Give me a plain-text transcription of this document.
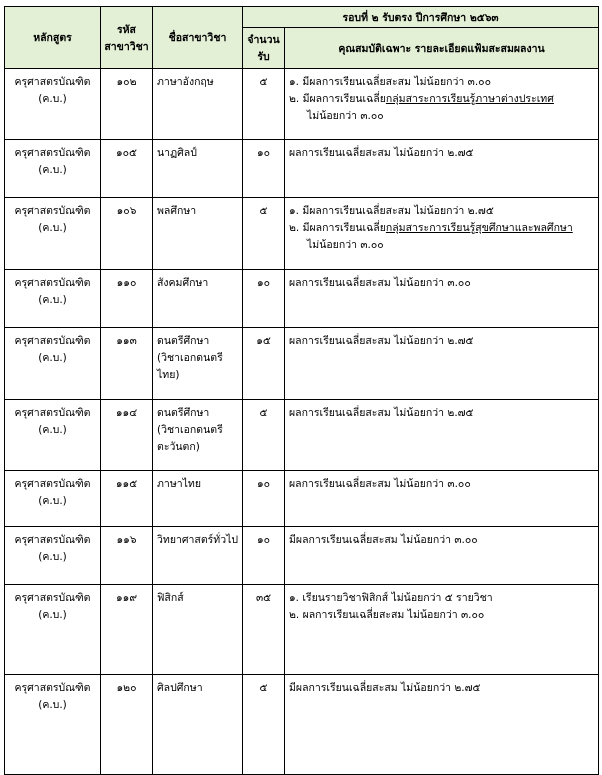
หลักสูตร	รหัส
สาขาวิชา	ชื่อสาขาวิชา	รอบที่ ๒ รับตรง ปีการศึกษา ๒๕๖๓	
			จำนวน
รับ	คุณสมบัติเฉพาะ รายละเอียดแฟ้มสะสมผลงาน
ครุศาสตรบัณฑิต
(ค.บ.)	๑๐๒	ภาษาอังกฤษ	๕	๑. มีผลการเรียนเฉลี่ยสะสม ไม่น้อยกว่า ๓.๐๐
๒. มีผลการเรียนเฉลี่ยกลุ่มสาระการเรียนรู้ภาษาต่างประเทศ
ไม่น้อยกว่า ๓.๐๐

ครุศาสตรบัณฑิต
(ค.บ.)	๑๐๕	นาฏศิลป์	๑๐	ผลการเรียนเฉลี่ยสะสม ไม่น้อยกว่า ๒.๗๕

ครุศาสตรบัณฑิต
(ค.บ.)	๑๐๖	พลศึกษา	๕	๑. มีผลการเรียนเฉลี่ยสะสม ไม่น้อยกว่า ๒.๗๕
๒. มีผลการเรียนเฉลี่ยกลุ่มสาระการเรียนรู้สุขศึกษาและพลศึกษา
ไม่น้อยกว่า ๓.๐๐

ครุศาสตรบัณฑิต
(ค.บ.)	๑๑๐	สังคมศึกษา	๑๐	ผลการเรียนเฉลี่ยสะสม ไม่น้อยกว่า ๓.๐๐

ครุศาสตรบัณฑิต
(ค.บ.)	๑๑๓	ดนตรีศึกษา
(วิชาเอกดนตรี
ไทย)	๑๕	ผลการเรียนเฉลี่ยสะสม ไม่น้อยกว่า ๒.๗๕

ครุศาสตรบัณฑิต
(ค.บ.)	๑๑๔	ดนตรีศึกษา
(วิชาเอกดนตรี
ตะวันตก)	๕	ผลการเรียนเฉลี่ยสะสม ไม่น้อยกว่า ๒.๗๕

ครุศาสตรบัณฑิต
(ค.บ.)	๑๑๕	ภาษาไทย	๑๐	ผลการเรียนเฉลี่ยสะสม ไม่น้อยกว่า ๓.๐๐

ครุศาสตรบัณฑิต
(ค.บ.)	๑๑๖	วิทยาศาสตร์ทั่วไป	๑๐	มีผลการเรียนเฉลี่ยสะสม ไม่น้อยกว่า ๓.๐๐

ครุศาสตรบัณฑิต
(ค.บ.)	๑๑๙	ฟิสิกส์	๓๕	๑. เรียนรายวิชาฟิสิกส์ ไม่น้อยกว่า ๕ รายวิชา
๒. ผลการเรียนเฉลี่ยสะสม ไม่น้อยกว่า ๓.๐๐

ครุศาสตรบัณฑิต
(ค.บ.)	๑๒๐	ศิลปศึกษา	๕	มีผลการเรียนเฉลี่ยสะสม ไม่น้อยกว่า ๒.๗๕
